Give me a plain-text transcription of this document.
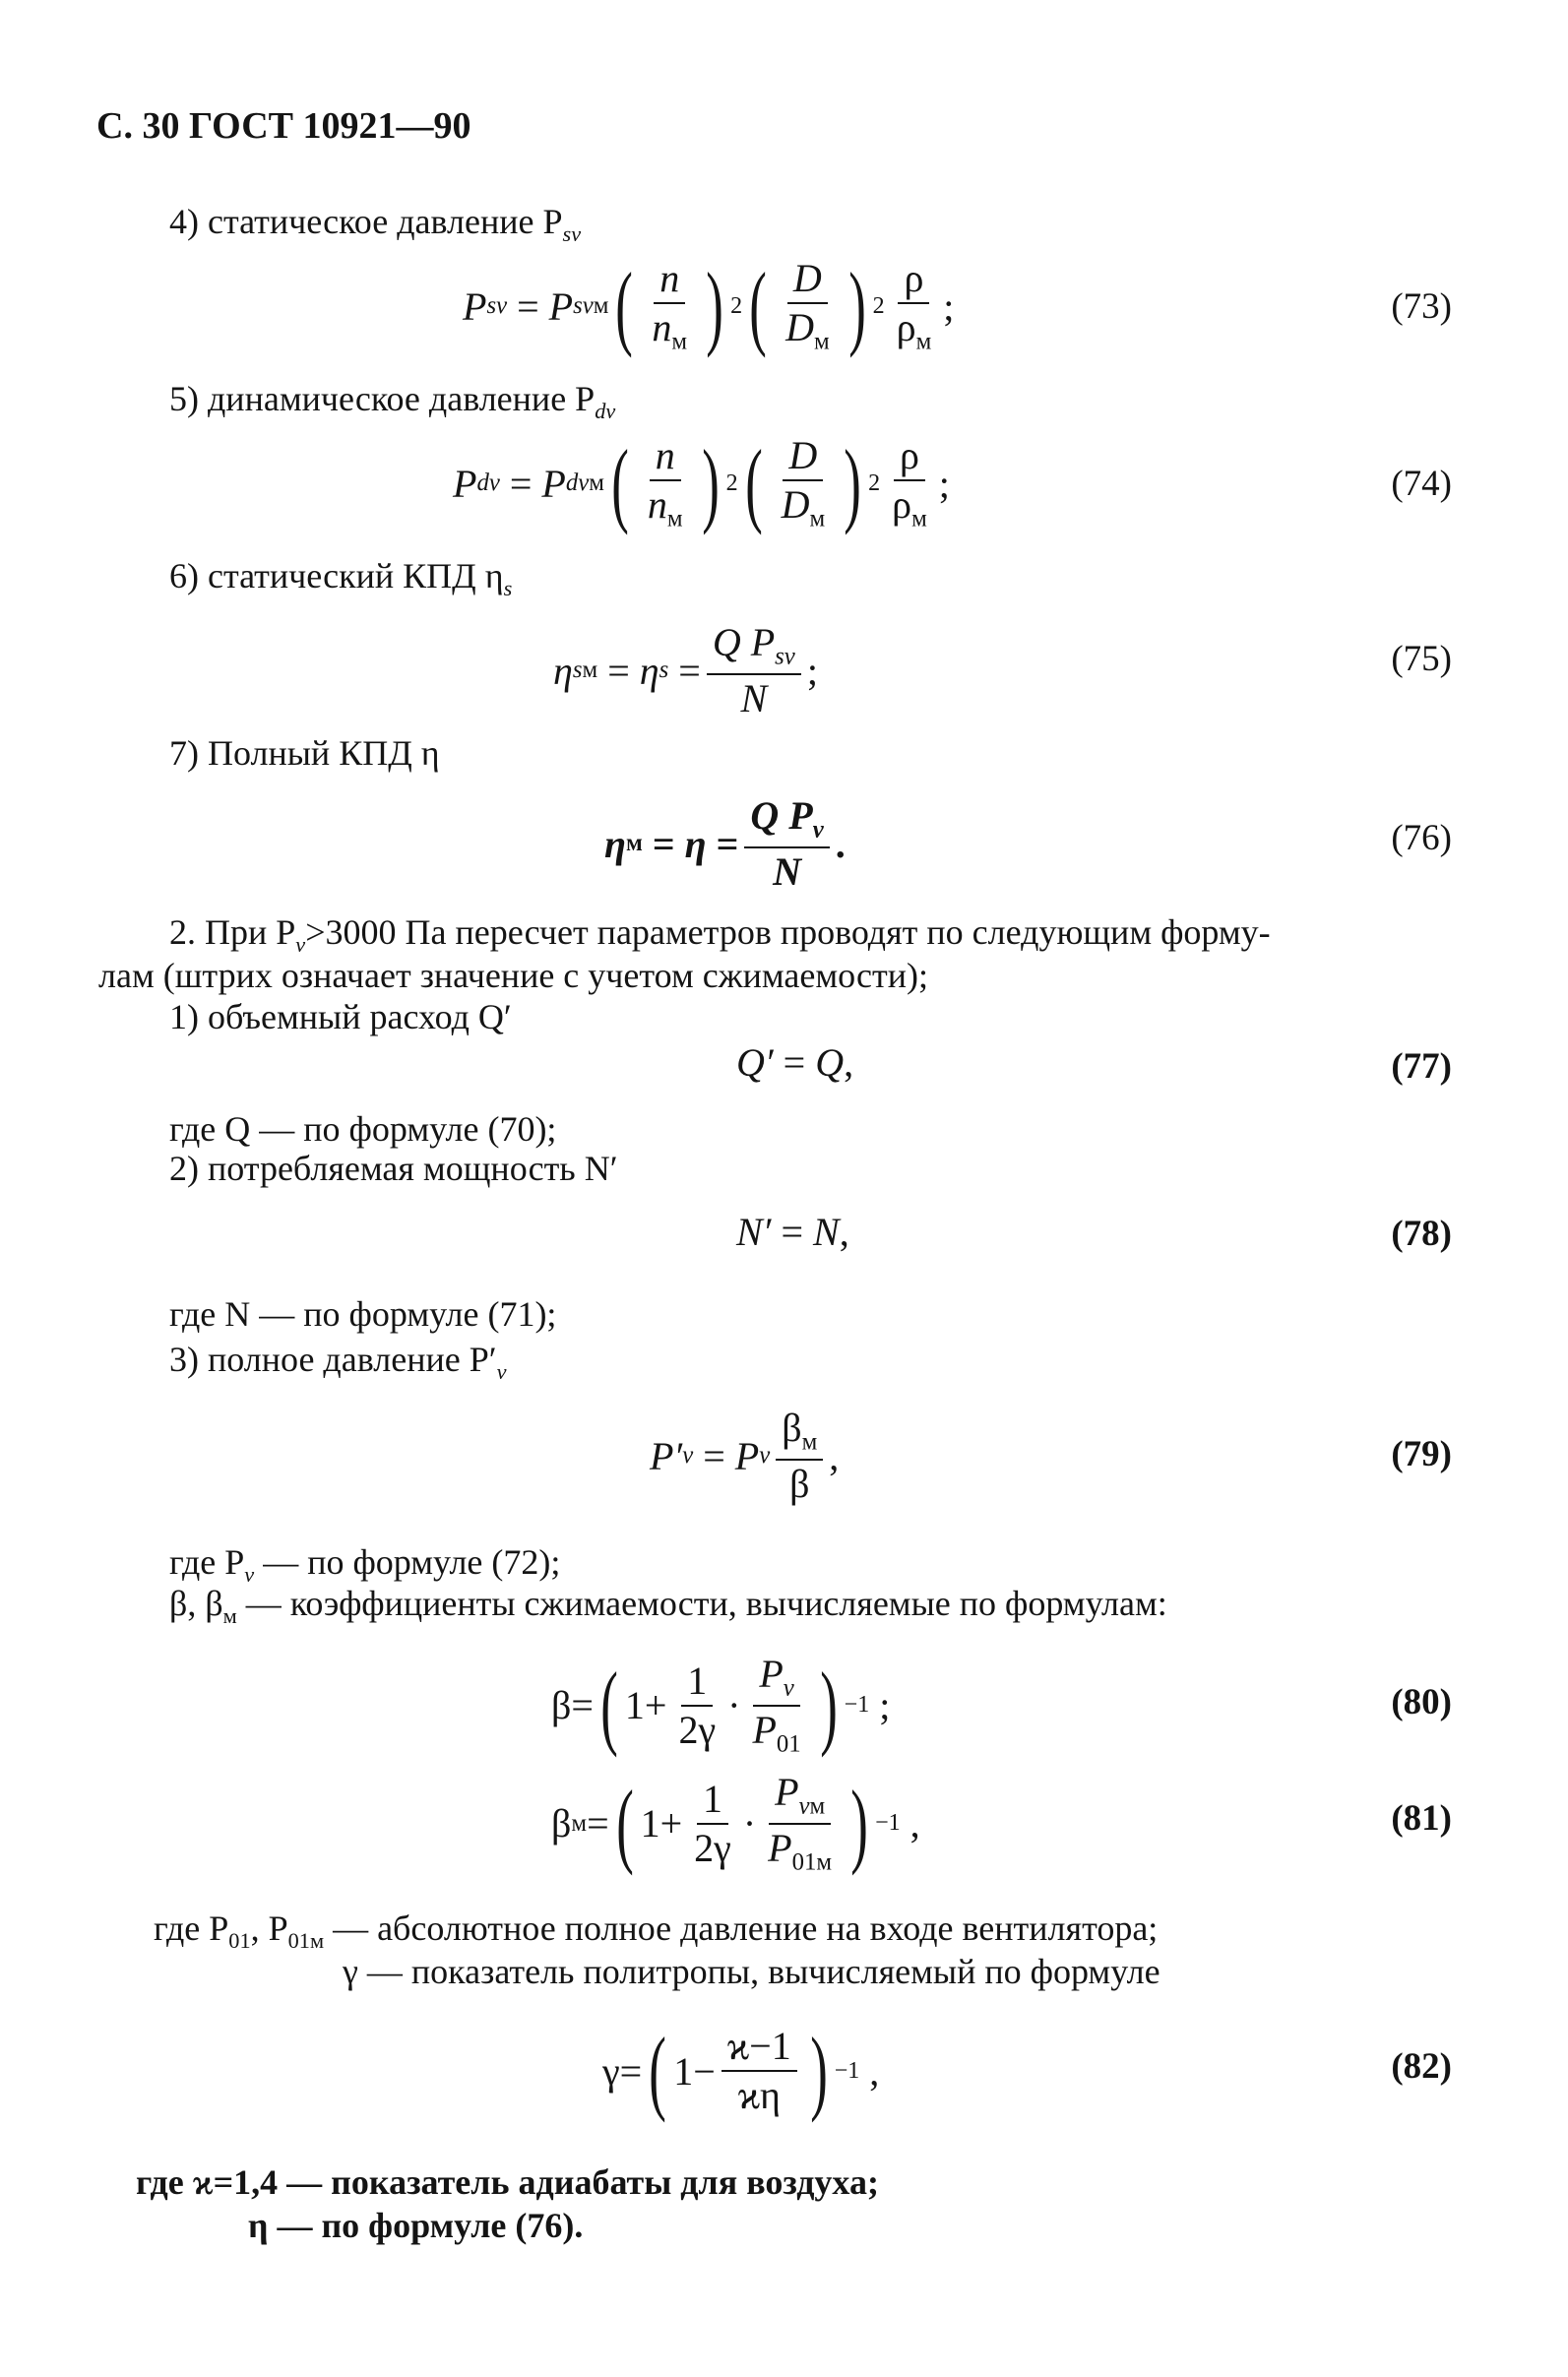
С. 30 ГОСТ 10921—90
4) статическое давление $P_{sv}$
P sv = P sv м ( $\frac{n}{n_м}$ ) 2 ( $\frac{D}{D_м}$ ) $2 \frac{\rho}{\rho_м}$ ;	(73)
5) динамическое давление $P_{dv}$
P dv = P dv м ( $\frac{n}{n_м}$ ) 2 ( $\frac{D}{D_м}$ ) $2 \frac{\rho}{\rho_м}$ ;	(74)
6) статический КПД $\eta_s$
η s м = η $s = \frac{Q P_{sv}}{N}$ ;	(75)
7) Полный КПД η
η $м = \eta = \frac{Q P_v}{N}$ .	(76)
2. При $P_v>3000$ Па пересчет параметров проводят по следующим форму-
лам (штрих означает значение с учетом сжимаемости);
1) объемный расход Q′
Q′ = Q ,	(77)
где Q — по формуле (70);
2) потребляемая мощность N′
N′ = N ,	(78)
где N — по формуле (71);
3) полное давление $P'_v$
P′ v = P v $\frac{\beta_м}{\beta}$ ,	(79)
где $P_v$ — по формуле (72);
β, $\beta_м$ — коэффициенты сжимаемости, вычисляемые по формулам:
β= ( $1+ \frac{1}{2\gamma} \cdot \frac{P_v}{P_{01}}$ ) −1 ;	(80)
β м = ( $1+ \frac{1}{2\gamma} \cdot \frac{P_{vм}}{P_{01м}}$ ) −1 ,	(81)
где $P_{01}$, $P_{01м}$ — абсолютное полное давление на входе вентилятора;
γ — показатель политропы, вычисляемый по формуле
γ= ( $1- \frac{ϰ-1}{ϰ\eta}$ ) −1 ,	(82)
где ϰ=1,4 — показатель адиабаты для воздуха;
η — по формуле (76).
